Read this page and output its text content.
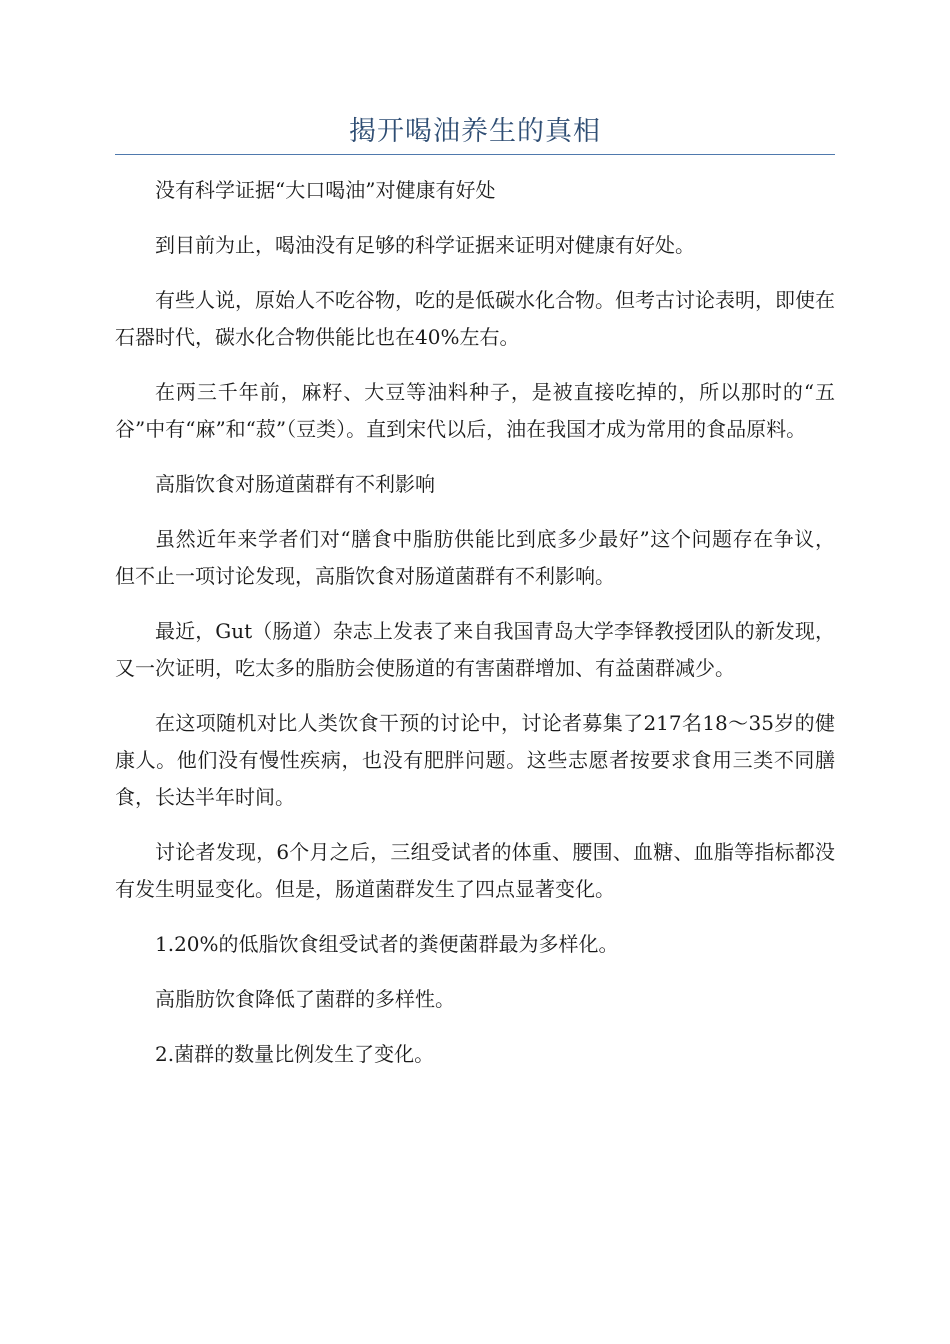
揭开喝油养生的真相

没有科学证据“大口喝油”对健康有好处

到目前为止，喝油没有足够的科学证据来证明对健康有好处。

有些人说，原始人不吃谷物，吃的是低碳水化合物。但考古讨论表明，即使在石器时代，碳水化合物供能比也在40%左右。

在两三千年前，麻籽、大豆等油料种子，是被直接吃掉的，所以那时的“五谷”中有“麻”和“菽”（豆类）。直到宋代以后，油在我国才成为常用的食品原料。

高脂饮食对肠道菌群有不利影响

虽然近年来学者们对“膳食中脂肪供能比到底多少最好”这个问题存在争议，但不止一项讨论发现，高脂饮食对肠道菌群有不利影响。

最近，Gut（肠道）杂志上发表了来自我国青岛大学李铎教授团队的新发现，又一次证明，吃太多的脂肪会使肠道的有害菌群增加、有益菌群减少。

在这项随机对比人类饮食干预的讨论中，讨论者募集了217名18～35岁的健康人。他们没有慢性疾病，也没有肥胖问题。这些志愿者按要求食用三类不同膳食，长达半年时间。

讨论者发现，6个月之后，三组受试者的体重、腰围、血糖、血脂等指标都没有发生明显变化。但是，肠道菌群发生了四点显著变化。

1.20%的低脂饮食组受试者的粪便菌群最为多样化。

高脂肪饮食降低了菌群的多样性。

2.菌群的数量比例发生了变化。
